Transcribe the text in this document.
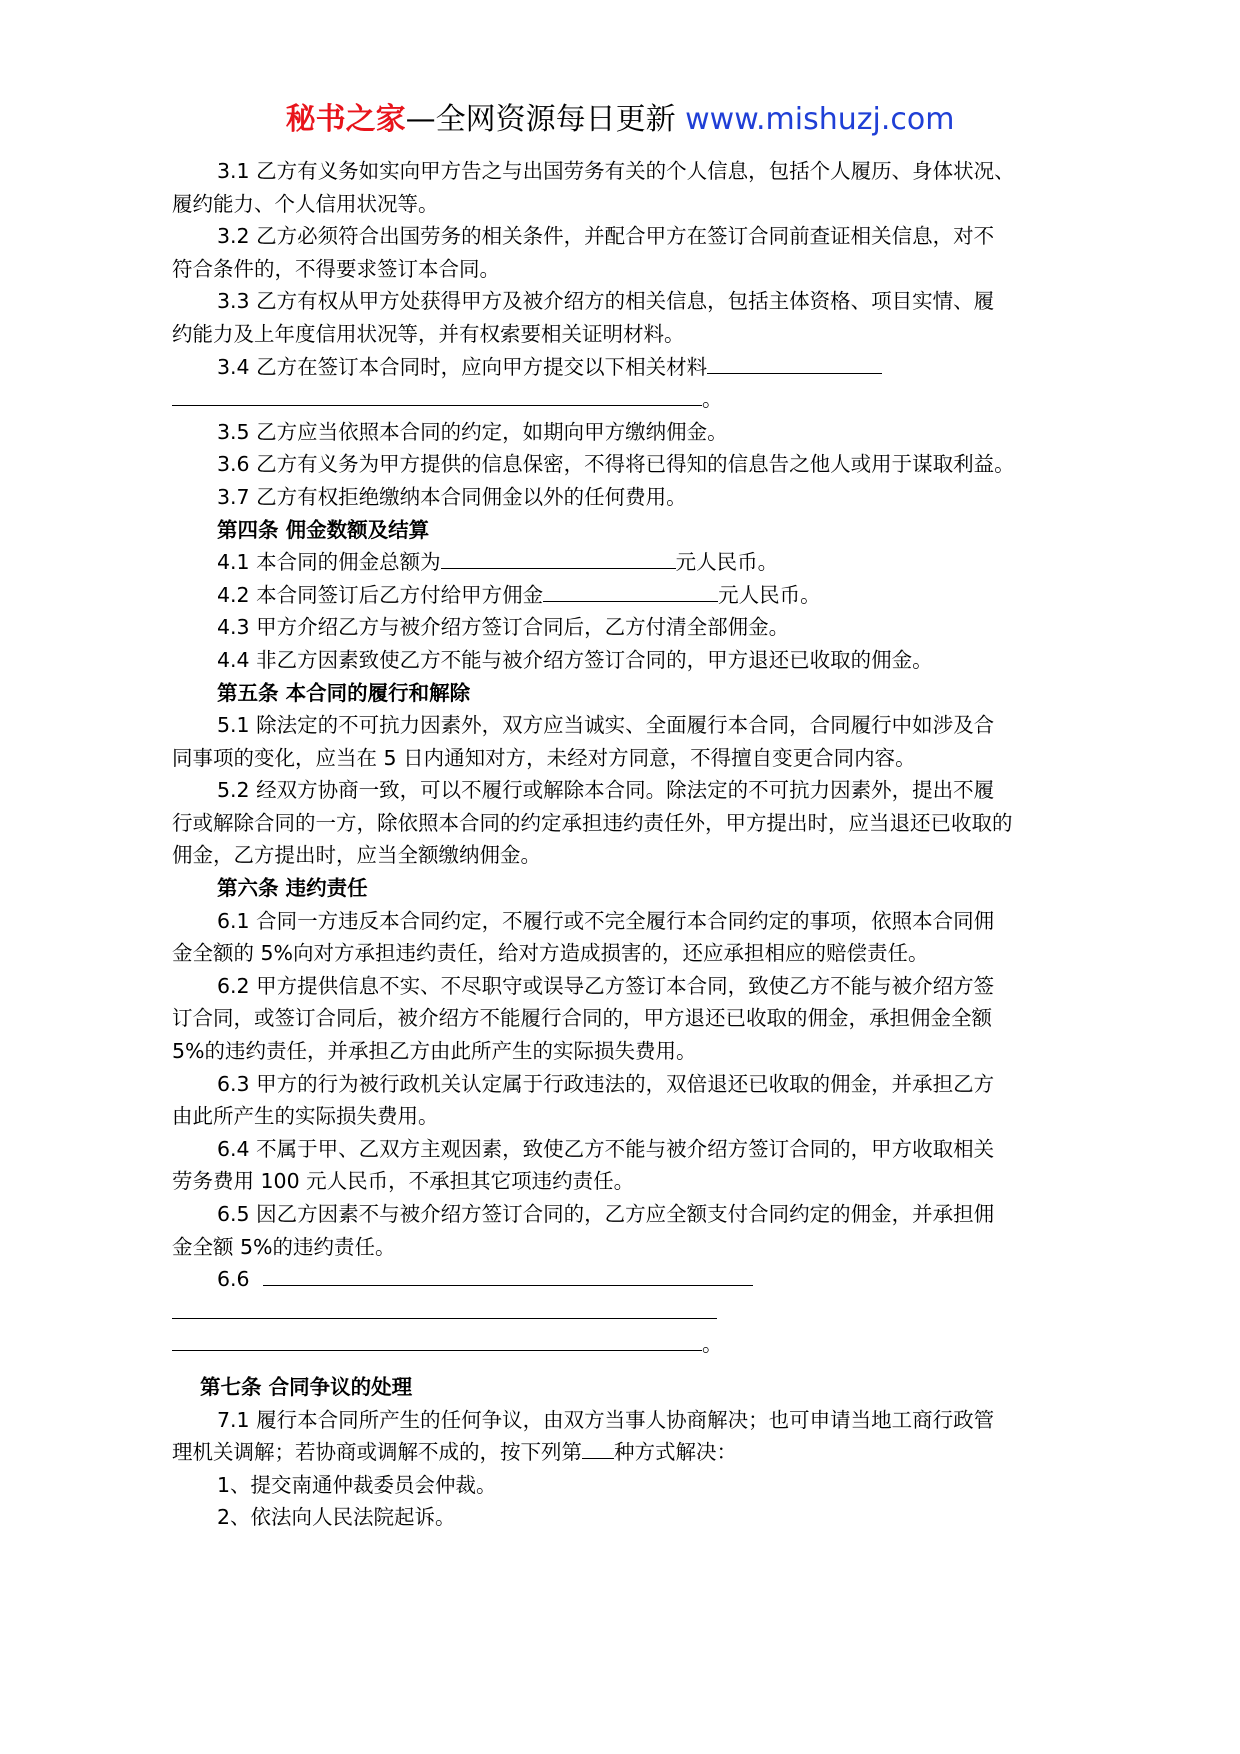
秘书之家—全网资源每日更新 www.mishuzj.com
3.1 乙方有义务如实向甲方告之与出国劳务有关的个人信息，包括个人履历、身体状况、
履约能力、个人信用状况等。
3.2 乙方必须符合出国劳务的相关条件，并配合甲方在签订合同前查证相关信息，对不
符合条件的，不得要求签订本合同。
3.3 乙方有权从甲方处获得甲方及被介绍方的相关信息，包括主体资格、项目实情、履
约能力及上年度信用状况等，并有权索要相关证明材料。
3.4 乙方在签订本合同时，应向甲方提交以下相关材料
。
3.5 乙方应当依照本合同的约定，如期向甲方缴纳佣金。
3.6 乙方有义务为甲方提供的信息保密，不得将已得知的信息告之他人或用于谋取利益。
3.7 乙方有权拒绝缴纳本合同佣金以外的任何费用。
第四条 佣金数额及结算
4.1 本合同的佣金总额为	元人民币。
4.2 本合同签订后乙方付给甲方佣金	元人民币。
4.3 甲方介绍乙方与被介绍方签订合同后，乙方付清全部佣金。
4.4 非乙方因素致使乙方不能与被介绍方签订合同的，甲方退还已收取的佣金。
第五条 本合同的履行和解除
5.1 除法定的不可抗力因素外，双方应当诚实、全面履行本合同，合同履行中如涉及合
同事项的变化，应当在 5 日内通知对方，未经对方同意，不得擅自变更合同内容。
5.2 经双方协商一致，可以不履行或解除本合同。除法定的不可抗力因素外，提出不履
行或解除合同的一方，除依照本合同的约定承担违约责任外，甲方提出时，应当退还已收取的
佣金，乙方提出时，应当全额缴纳佣金。
第六条 违约责任
6.1 合同一方违反本合同约定，不履行或不完全履行本合同约定的事项，依照本合同佣
金全额的 5%向对方承担违约责任，给对方造成损害的，还应承担相应的赔偿责任。
6.2 甲方提供信息不实、不尽职守或误导乙方签订本合同，致使乙方不能与被介绍方签
订合同，或签订合同后，被介绍方不能履行合同的，甲方退还已收取的佣金，承担佣金全额
5%的违约责任，并承担乙方由此所产生的实际损失费用。
6.3 甲方的行为被行政机关认定属于行政违法的，双倍退还已收取的佣金，并承担乙方
由此所产生的实际损失费用。
6.4 不属于甲、乙双方主观因素，致使乙方不能与被介绍方签订合同的，甲方收取相关
劳务费用 100 元人民币，不承担其它项违约责任。
6.5 因乙方因素不与被介绍方签订合同的，乙方应全额支付合同约定的佣金，并承担佣
金全额 5%的违约责任。
6.6
。
第七条 合同争议的处理
7.1 履行本合同所产生的任何争议，由双方当事人协商解决；也可申请当地工商行政管
理机关调解；若协商或调解不成的，按下列第 种方式解决：
1、提交南通仲裁委员会仲裁。
2、依法向人民法院起诉。
